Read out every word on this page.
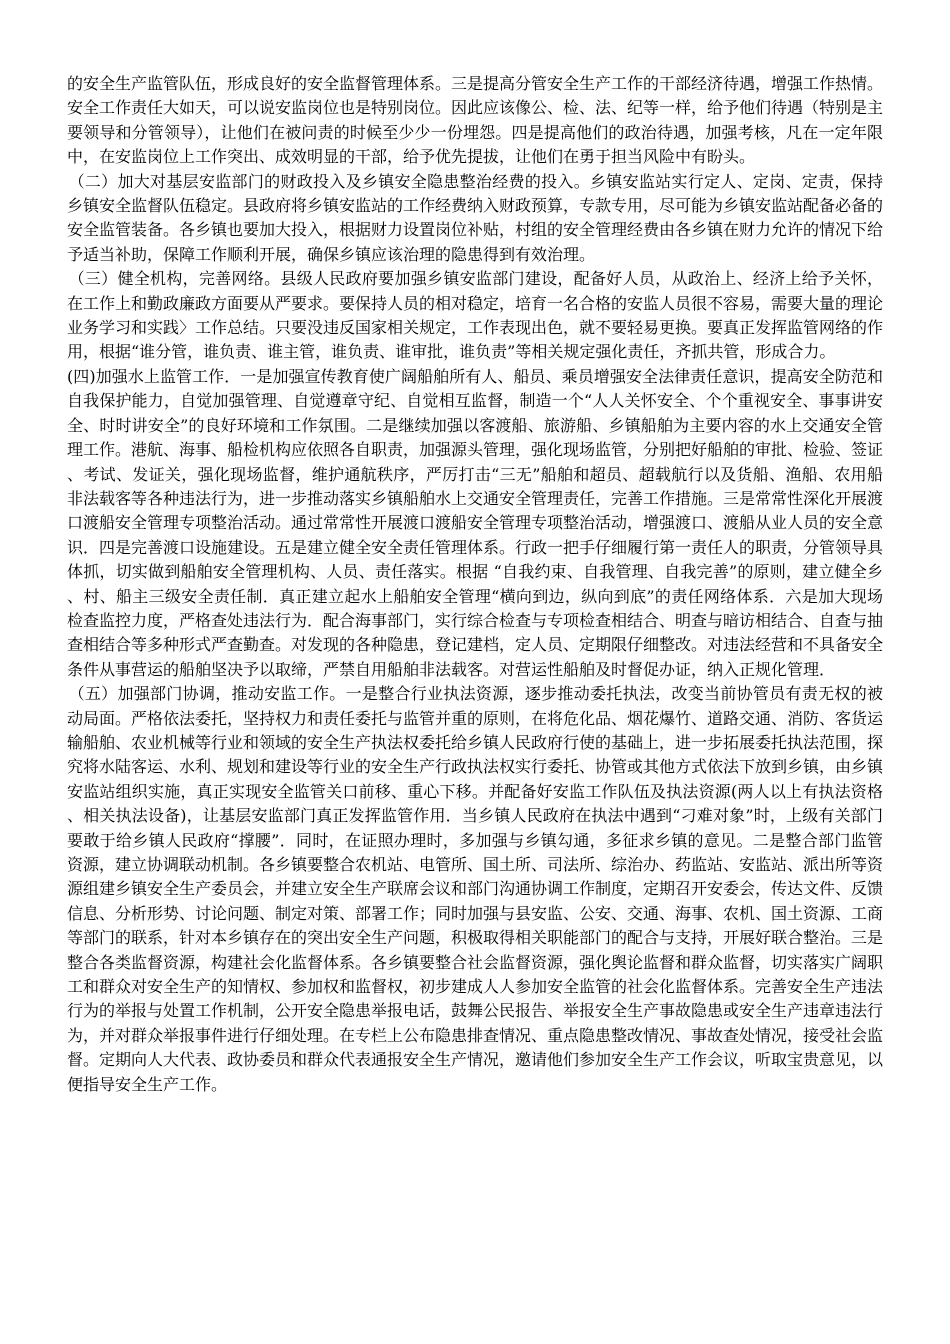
的安全生产监管队伍，形成良好的安全监督管理体系。三是提高分管安全生产工作的干部经济待遇，增强工作热情。安全工作责任大如天，可以说安监岗位也是特别岗位。因此应该像公、检、法、纪等一样，给予他们待遇（特别是主要领导和分管领导），让他们在被问责的时候至少少一份埋怨。四是提高他们的政治待遇，加强考核，凡在一定年限中，在安监岗位上工作突出、成效明显的干部，给予优先提拔，让他们在勇于担当风险中有盼头。

（二）加大对基层安监部门的财政投入及乡镇安全隐患整治经费的投入。乡镇安监站实行定人、定岗、定责，保持乡镇安全监督队伍稳定。县政府将乡镇安监站的工作经费纳入财政预算，专款专用，尽可能为乡镇安监站配备必备的安全监管装备。各乡镇也要加大投入，根据财力设置岗位补贴，村组的安全管理经费由各乡镇在财力允许的情况下给予适当补助，保障工作顺利开展，确保乡镇应该治理的隐患得到有效治理。

（三）健全机构，完善网络。县级人民政府要加强乡镇安监部门建设，配备好人员，从政治上、经济上给予关怀，在工作上和勤政廉政方面要从严要求。要保持人员的相对稳定，培育一名合格的安监人员很不容易，需要大量的理论业务学习和实践〉工作总结。只要没违反国家相关规定，工作表现出色，就不要轻易更换。要真正发挥监管网络的作用，根据“谁分管，谁负责、谁主管，谁负责、谁审批，谁负责”等相关规定强化责任，齐抓共管，形成合力。

(四)加强水上监管工作．一是加强宣传教育使广阔船舶所有人、船员、乘员增强安全法律责任意识，提高安全防范和自我保护能力，自觉加强管理、自觉遵章守纪、自觉相互监督，制造一个“人人关怀安全、个个重视安全、事事讲安全、时时讲安全”的良好环境和工作氛围。二是继续加强以客渡船、旅游船、乡镇船舶为主要内容的水上交通安全管理工作。港航、海事、船检机构应依照各自职责，加强源头管理，强化现场监管，分别把好船舶的审批、检验、签证、考试、发证关，强化现场监督，维护通航秩序，严厉打击“三无”船舶和超员、超载航行以及货船、渔船、农用船非法载客等各种违法行为，进一步推动落实乡镇船舶水上交通安全管理责任，完善工作措施。三是常常性深化开展渡口渡船安全管理专项整治活动。通过常常性开展渡口渡船安全管理专项整治活动，增强渡口、渡船从业人员的安全意识．四是完善渡口设施建设。五是建立健全安全责任管理体系。行政一把手仔细履行第一责任人的职责，分管领导具体抓，切实做到船舶安全管理机构、人员、责任落实。根据 “自我约束、自我管理、自我完善”的原则，建立健全乡、村、船主三级安全责任制．真正建立起水上船舶安全管理“横向到边，纵向到底”的责任网络体系．六是加大现场检查监控力度，严格查处违法行为．配合海事部门，实行综合检查与专项检查相结合、明查与暗访相结合、自查与抽查相结合等多种形式严查勤查。对发现的各种隐患，登记建档，定人员、定期限仔细整改。对违法经营和不具备安全条件从事营运的船舶坚决予以取缔，严禁自用船舶非法载客。对营运性船舶及时督促办证，纳入正规化管理．

（五）加强部门协调，推动安监工作。一是整合行业执法资源，逐步推动委托执法，改变当前协管员有责无权的被动局面。严格依法委托，坚持权力和责任委托与监管并重的原则，在将危化品、烟花爆竹、道路交通、消防、客货运输船舶、农业机械等行业和领域的安全生产执法权委托给乡镇人民政府行使的基础上，进一步拓展委托执法范围，探究将水陆客运、水利、规划和建设等行业的安全生产行政执法权实行委托、协管或其他方式依法下放到乡镇，由乡镇安监站组织实施，真正实现安全监管关口前移、重心下移。并配备好安监工作队伍及执法资源(两人以上有执法资格、相关执法设备)，让基层安监部门真正发挥监管作用．当乡镇人民政府在执法中遇到“刁难对象”时，上级有关部门要敢于给乡镇人民政府“撑腰”．同时，在证照办理时，多加强与乡镇勾通，多征求乡镇的意见。二是整合部门监管资源，建立协调联动机制。各乡镇要整合农机站、电管所、国土所、司法所、综治办、药监站、安监站、派出所等资源组建乡镇安全生产委员会，并建立安全生产联席会议和部门沟通协调工作制度，定期召开安委会，传达文件、反馈信息、分析形势、讨论问题、制定对策、部署工作；同时加强与县安监、公安、交通、海事、农机、国土资源、工商等部门的联系，针对本乡镇存在的突出安全生产问题，积极取得相关职能部门的配合与支持，开展好联合整治。三是整合各类监督资源，构建社会化监督体系。各乡镇要整合社会监督资源，强化舆论监督和群众监督，切实落实广阔职工和群众对安全生产的知情权、参加权和监督权，初步建成人人参加安全监管的社会化监督体系。完善安全生产违法行为的举报与处置工作机制，公开安全隐患举报电话，鼓舞公民报告、举报安全生产事故隐患或安全生产违章违法行为，并对群众举报事件进行仔细处理。在专栏上公布隐患排查情况、重点隐患整改情况、事故查处情况，接受社会监督。定期向人大代表、政协委员和群众代表通报安全生产情况，邀请他们参加安全生产工作会议，听取宝贵意见，以便指导安全生产工作。
